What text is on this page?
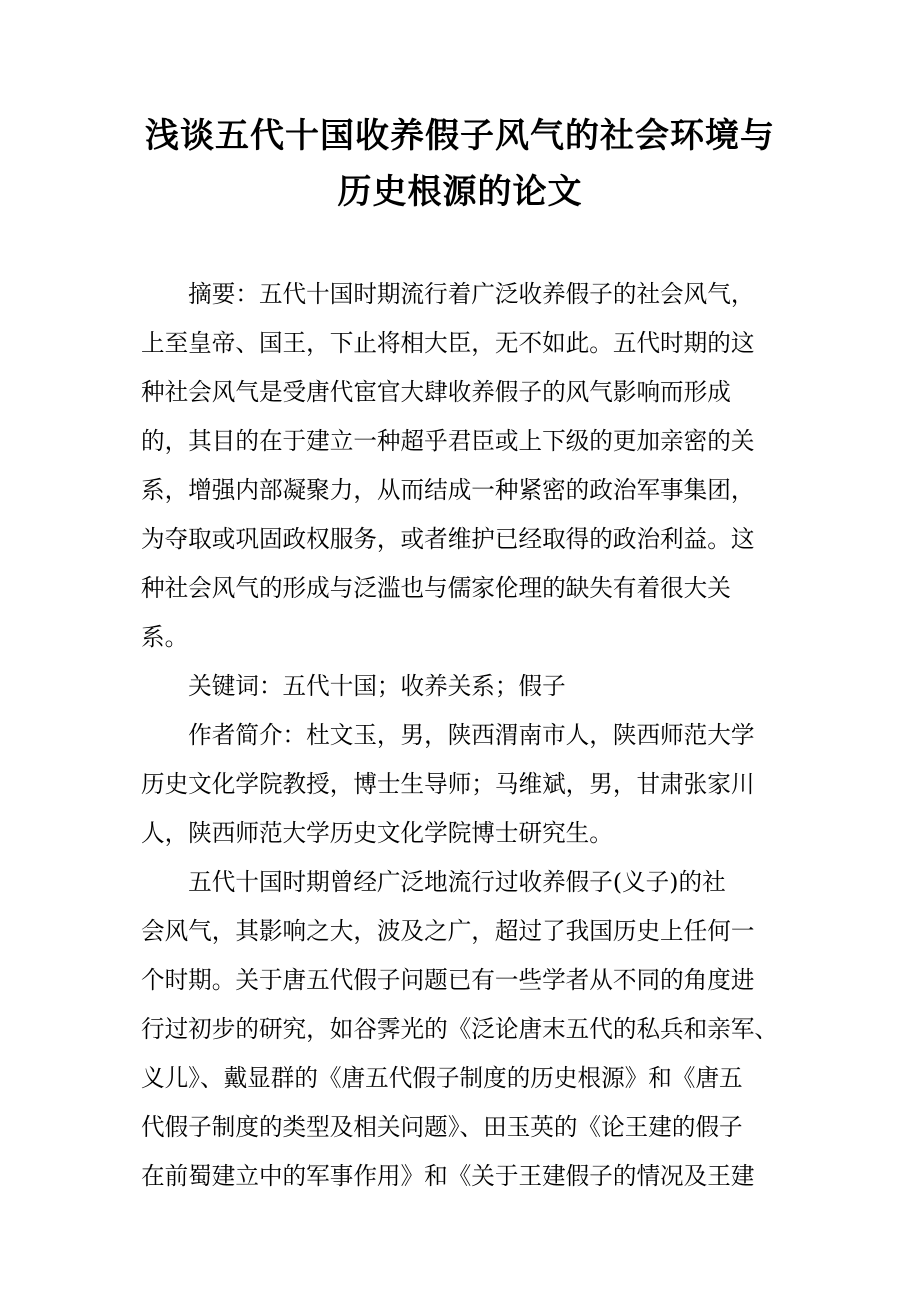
浅谈五代十国收养假子风气的社会环境与
历史根源的论文
　　摘要：五代十国时期流行着广泛收养假子的社会风气，
上至皇帝、国王，下止将相大臣，无不如此。五代时期的这
种社会风气是受唐代宦官大肆收养假子的风气影响而形成
的，其目的在于建立一种超乎君臣或上下级的更加亲密的关
系，增强内部凝聚力，从而结成一种紧密的政治军事集团，
为夺取或巩固政权服务，或者维护已经取得的政治利益。这
种社会风气的形成与泛滥也与儒家伦理的缺失有着很大关
系。
　　关键词：五代十国；收养关系；假子
　　作者简介：杜文玉，男，陕西渭南市人，陕西师范大学
历史文化学院教授，博士生导师；马维斌，男，甘肃张家川
人，陕西师范大学历史文化学院博士研究生。
　　五代十国时期曾经广泛地流行过收养假子(义子)的社
会风气，其影响之大，波及之广，超过了我国历史上任何一
个时期。关于唐五代假子问题已有一些学者从不同的角度进
行过初步的研究，如谷霁光的《泛论唐末五代的私兵和亲军、
义儿》、戴显群的《唐五代假子制度的历史根源》和《唐五
代假子制度的类型及相关问题》、田玉英的《论王建的假子
在前蜀建立中的军事作用》和《关于王建假子的情况及王建
